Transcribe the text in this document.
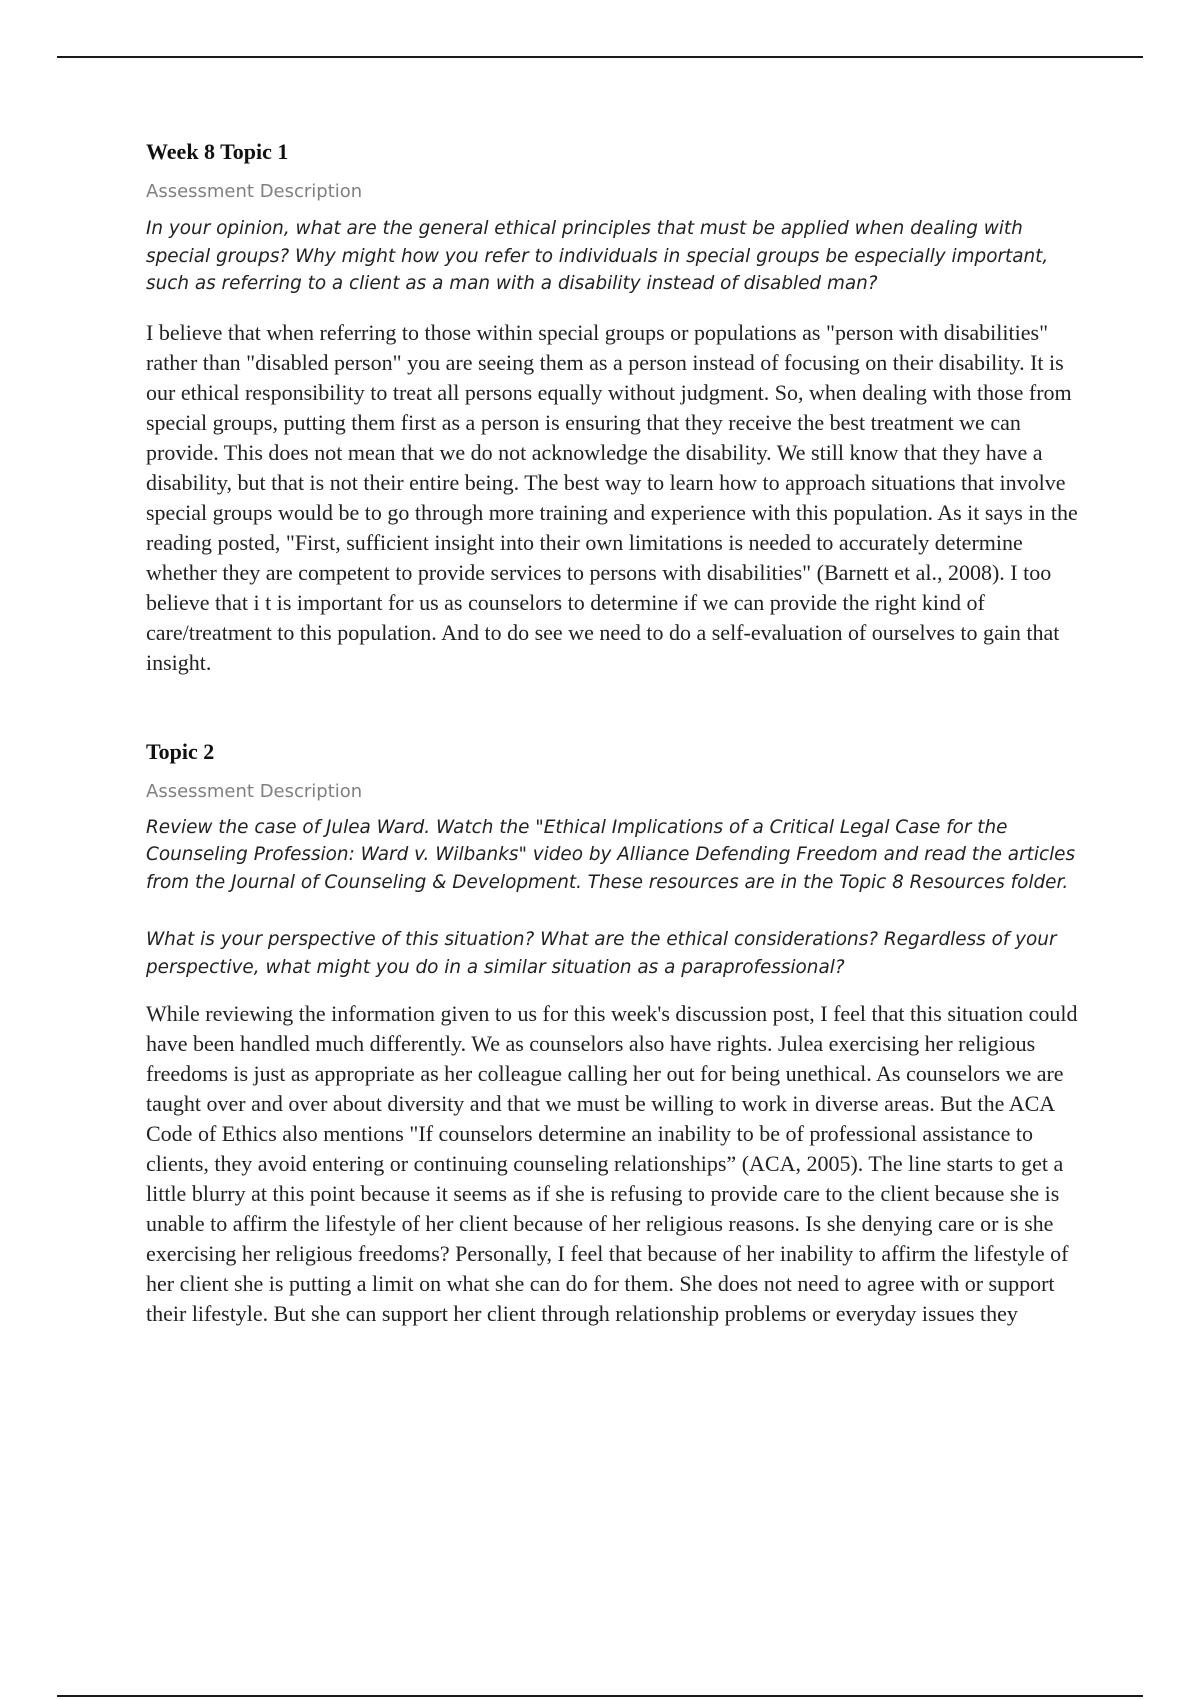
Week 8 Topic 1

Assessment Description

In your opinion, what are the general ethical principles that must be applied when dealing with special groups? Why might how you refer to individuals in special groups be especially important, such as referring to a client as a man with a disability instead of disabled man?

I believe that when referring to those within special groups or populations as "person with disabilities" rather than "disabled person" you are seeing them as a person instead of focusing on their disability. It is our ethical responsibility to treat all persons equally without judgment. So, when dealing with those from special groups, putting them first as a person is ensuring that they receive the best treatment we can provide. This does not mean that we do not acknowledge the disability. We still know that they have a disability, but that is not their entire being. The best way to learn how to approach situations that involve special groups would be to go through more training and experience with this population. As it says in the reading posted, "First, sufficient insight into their own limitations is needed to accurately determine whether they are competent to provide services to persons with disabilities" (Barnett et al., 2008). I too believe that i t is important for us as counselors to determine if we can provide the right kind of care/treatment to this population. And to do see we need to do a self-evaluation of ourselves to gain that insight.

Topic 2

Assessment Description

Review the case of Julea Ward. Watch the "Ethical Implications of a Critical Legal Case for the Counseling Profession: Ward v. Wilbanks" video by Alliance Defending Freedom and read the articles from the Journal of Counseling & Development. These resources are in the Topic 8 Resources folder.

What is your perspective of this situation? What are the ethical considerations? Regardless of your perspective, what might you do in a similar situation as a paraprofessional?

While reviewing the information given to us for this week's discussion post, I feel that this situation could have been handled much differently. We as counselors also have rights. Julea exercising her religious freedoms is just as appropriate as her colleague calling her out for being unethical. As counselors we are taught over and over about diversity and that we must be willing to work in diverse areas. But the ACA Code of Ethics also mentions "If counselors determine an inability to be of professional assistance to clients, they avoid entering or continuing counseling relationships” (ACA, 2005). The line starts to get a little blurry at this point because it seems as if she is refusing to provide care to the client because she is unable to affirm the lifestyle of her client because of her religious reasons. Is she denying care or is she exercising her religious freedoms? Personally, I feel that because of her inability to affirm the lifestyle of her client she is putting a limit on what she can do for them. She does not need to agree with or support their lifestyle. But she can support her client through relationship problems or everyday issues they
